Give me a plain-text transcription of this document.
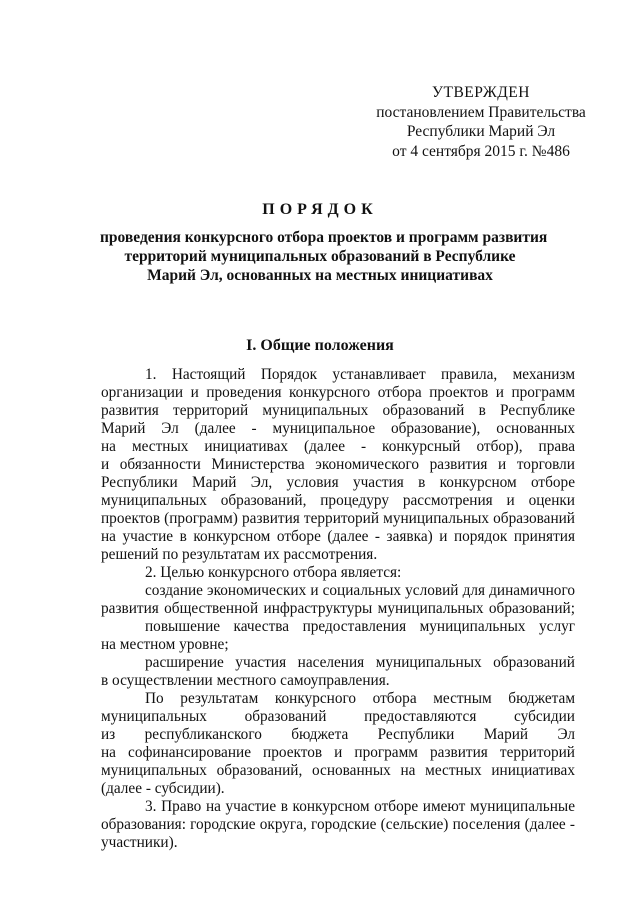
УТВЕРЖДЕН
постановлением Правительства
Республики Марий Эл
от 4 сентября 2015 г. №486
ПОРЯДОК
проведения конкурсного отбора проектов и программ развития
территорий муниципальных образований в Республике
Марий Эл, основанных на местных инициативах
I. Общие положения

1. Настоящий Порядок устанавливает правила, механизм

организации и проведения конкурсного отбора проектов и программ

развития территорий муниципальных образований в Республике

Марий Эл (далее - муниципальное образование), основанных

на местных инициативах (далее - конкурсный отбор), права

и обязанности Министерства экономического развития и торговли

Республики Марий Эл, условия участия в конкурсном отборе

муниципальных образований, процедуру рассмотрения и оценки

проектов (программ) развития территорий муниципальных образований

на участие в конкурсном отборе (далее - заявка) и порядок принятия

решений по результатам их рассмотрения.

2. Целью конкурсного отбора является:

создание экономических и социальных условий для динамичного

развития общественной инфраструктуры муниципальных образований;

повышение качества предоставления муниципальных услуг

на местном уровне;

расширение участия населения муниципальных образований

в осуществлении местного самоуправления.

По результатам конкурсного отбора местным бюджетам

муниципальных образований предоставляются субсидии

из республиканского бюджета Республики Марий Эл

на софинансирование проектов и программ развития территорий

муниципальных образований, основанных на местных инициативах

(далее - субсидии).

3. Право на участие в конкурсном отборе имеют муниципальные

образования: городские округа, городские (сельские) поселения (далее -

участники).
